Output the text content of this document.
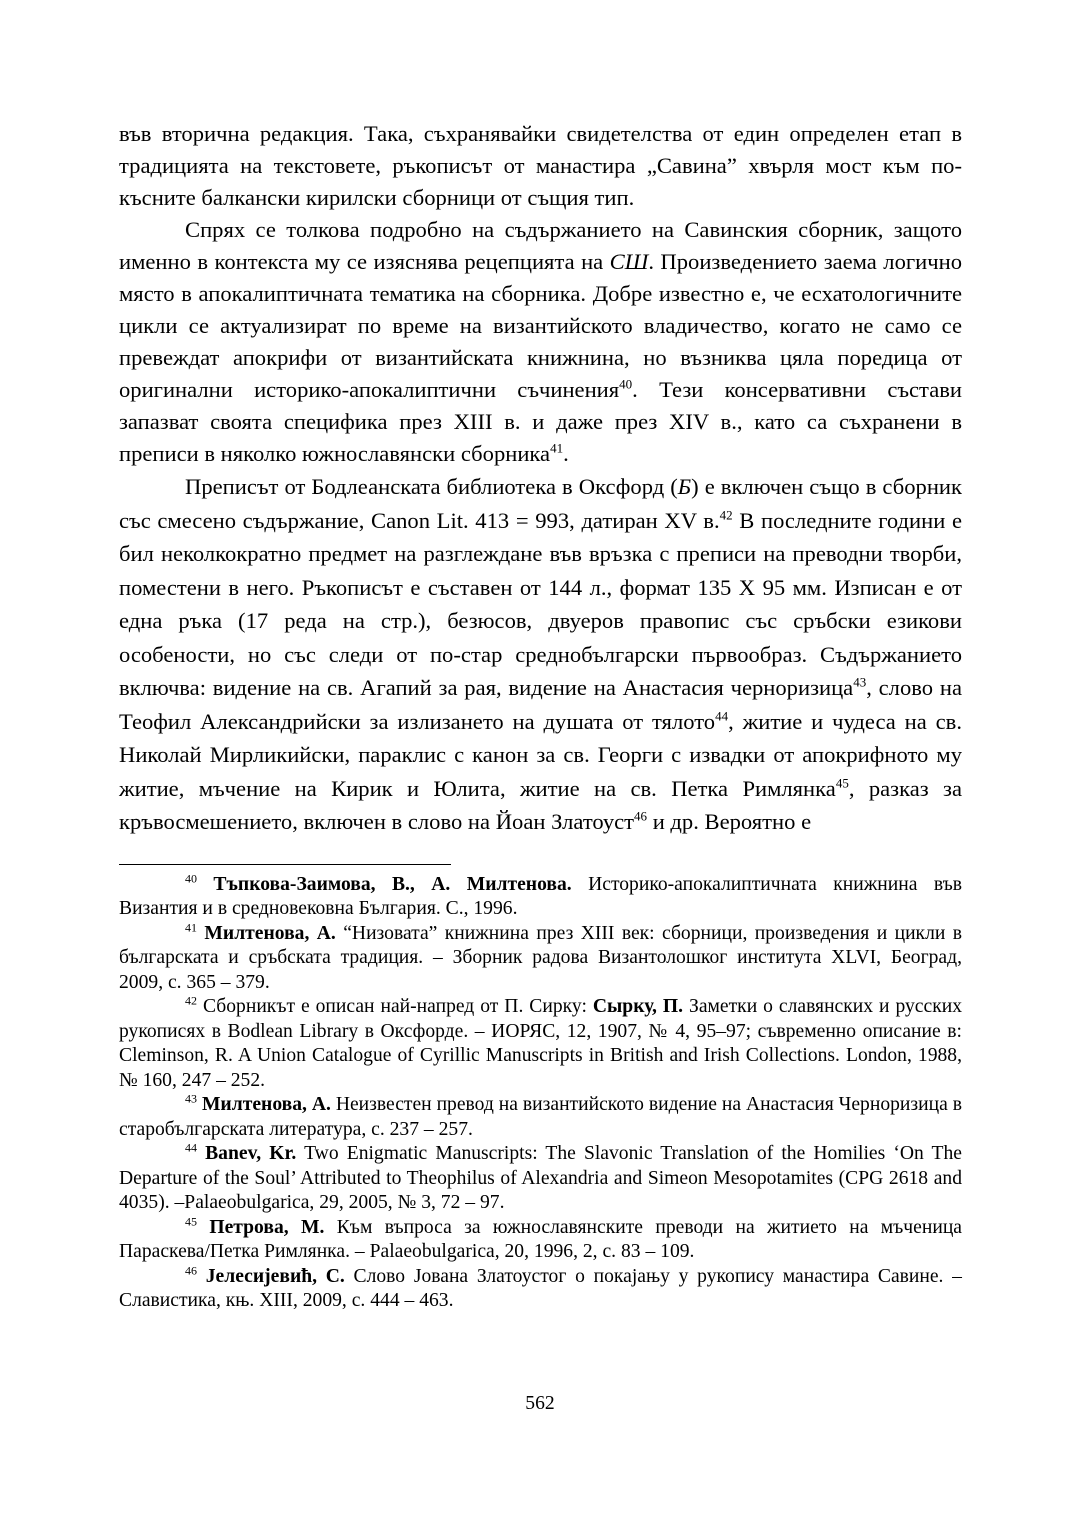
във вторична редакция. Така, съхранявайки свидетелства от един определен етап в традицията на текстовете, ръкописът от манастира „Савина” хвърля мост към по-късните балкански кирилски сборници от същия тип.

Спрях се толкова подробно на съдържанието на Савинския сборник, защото именно в контекста му се изяснява рецепцията на СШ. Произведението заема логично място в апокалиптичната тематика на сборника. Добре известно е, че есхатологичните цикли се актуализират по време на византийското владичество, когато не само се превеждат апокрифи от византийската книжнина, но възниква цяла поредица от оригинални историко-апокалиптични съчинения$^{40}$. Тези консервативни състави запазват своята специфика през XIII в. и даже през XIV в., като са съхранени в преписи в няколко южнославянски сборника$^{41}$.

Преписът от Бодлеанската библиотека в Оксфорд (Б) е включен също в сборник със смесено съдържание, Canon Lit. 413 = 993, датиран XV в.$^{42}$ В последните години е бил неколкократно предмет на разглеждане във връзка с преписи на преводни творби, поместени в него. Ръкописът е съставен от 144 л., формат 135 Х 95 мм. Изписан е от една ръка (17 реда на стр.), безюсов, двуеров правопис със сръбски езикови особености, но със следи от по-стар среднобългарски първообраз. Съдържанието включва: видение на св. Агапий за рая, видение на Анастасия черноризица$^{43}$, слово на Теофил Александрийски за излизането на душата от тялото$^{44}$, житие и чудеса на св. Николай Мирликийски, параклис с канон за св. Георги с извадки от апокрифното му житие, мъчение на Кирик и Юлита, житие на св. Петка Римлянка$^{45}$, разказ за кръвосмешението, включен в слово на Йоан Златоуст$^{46}$ и др. Вероятно е

$^{40}$ Тъпкова-Заимова, В., А. Милтенова. Историко-апокалиптичната книжнина във Византия и в средновековна България. С., 1996.

$^{41}$ Милтенова, А. “Низовата” книжнина през XIII век: сборници, произведения и цикли в българската и сръбската традиция. – Зборник радова Византолошког института XLVI, Београд, 2009, с. 365 – 379.

$^{42}$ Сборникът е описан най-напред от П. Сирку: Сырку, П. Заметки о славянских и русских рукописях в Bodlean Library в Оксфорде. – ИОРЯС, 12, 1907, № 4, 95–97; съвременно описание в: Cleminson, R. A Union Catalogue of Cyrillic Manuscripts in British and Irish Collections. London, 1988, № 160, 247 – 252.

$^{43}$ Милтенова, А. Неизвестен превод на византийското видение на Анастасия Черноризица в старобългарската литература, с. 237 – 257.

$^{44}$ Banev, Kr. Two Enigmatic Manuscripts: The Slavonic Translation of the Homilies ‘On The Departure of the Soul’ Attributed to Theophilus of Alexandria and Simeon Mesopotamites (CPG 2618 and 4035). –Palaeobulgarica, 29, 2005, № 3, 72 – 97.

$^{45}$ Петрова, М. Към въпроса за южнославянските преводи на житието на мъченица Параскева/Петка Римлянка. – Palaeobulgarica, 20, 1996, 2, с. 83 – 109.

$^{46}$ Јелесијевић, С. Слово Јована Златоустог о покајању у рукопису манастира Савине. – Славистика, књ. XIII, 2009, с. 444 – 463.

562
